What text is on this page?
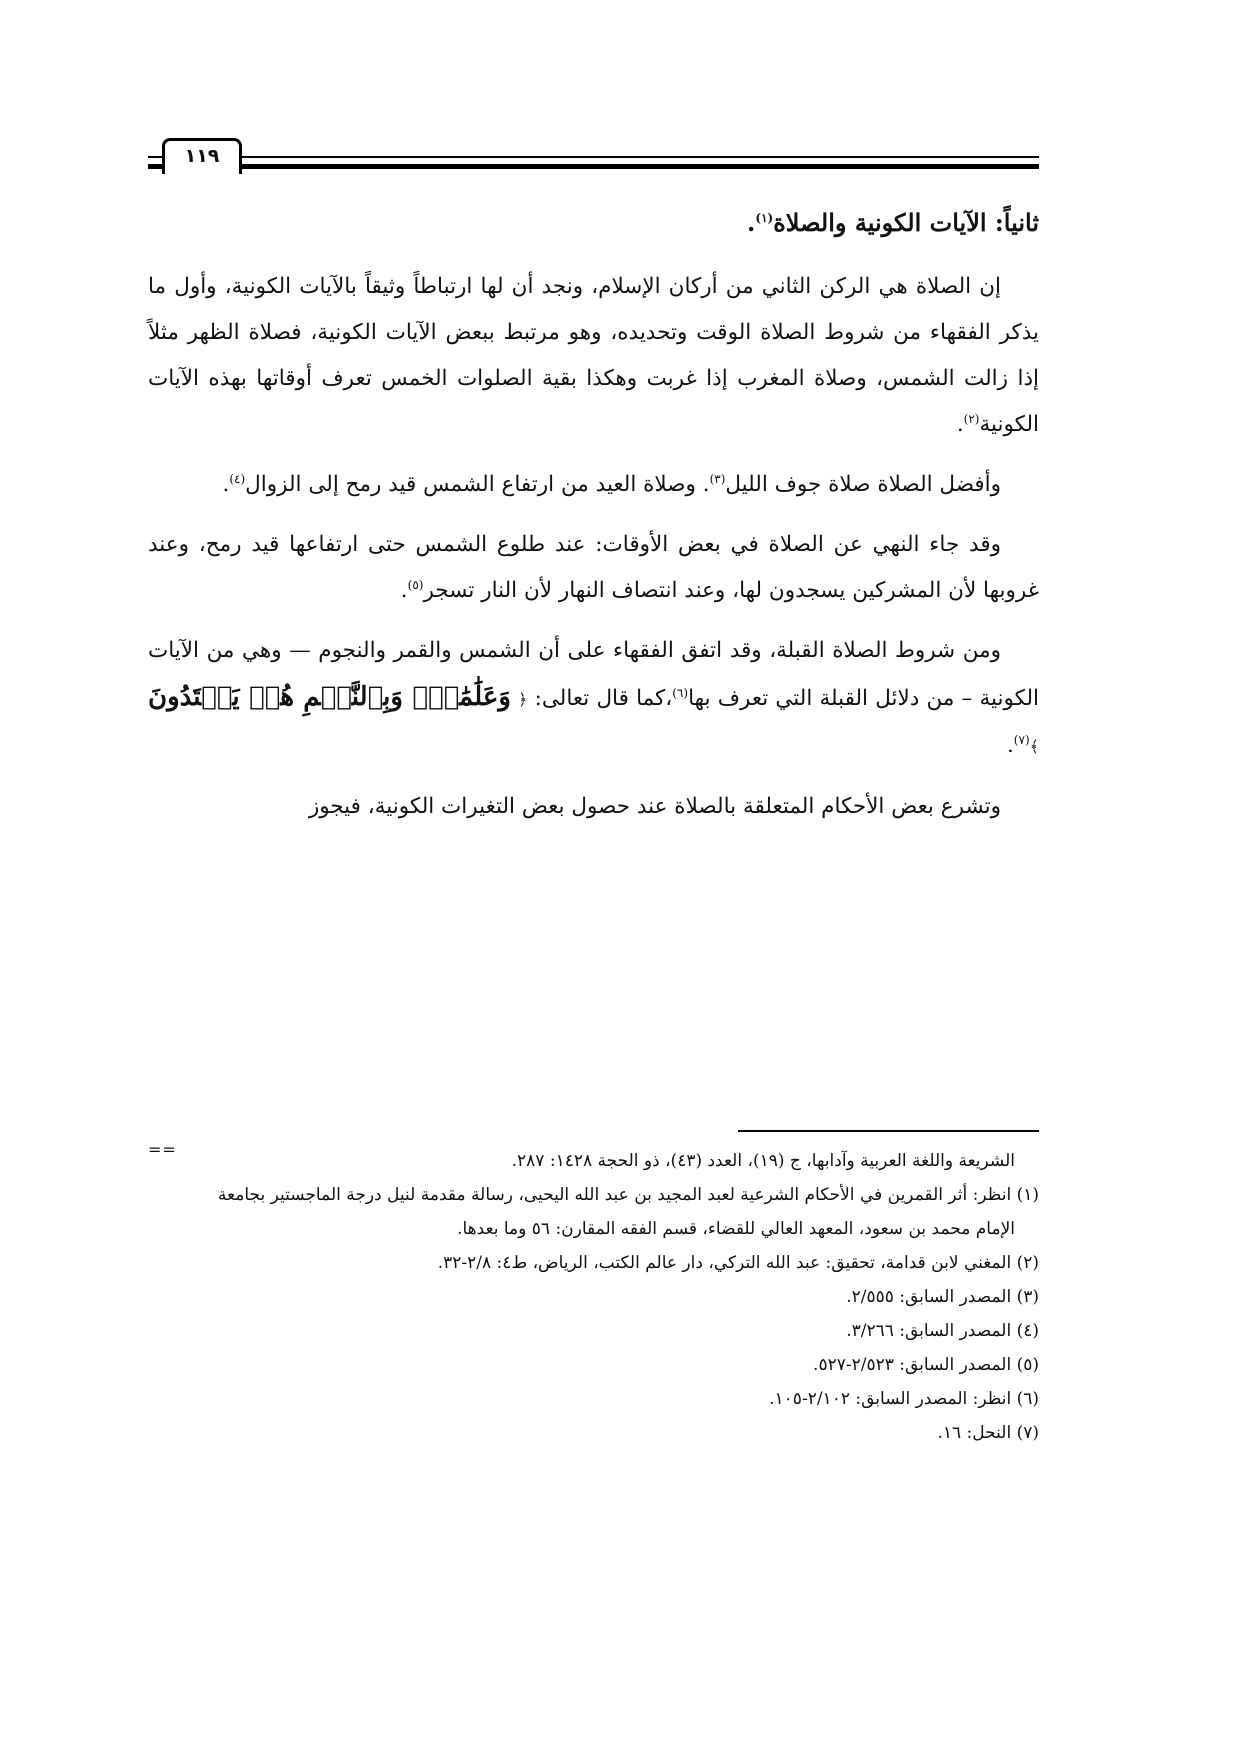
١١٩

ثانياً: الآيات الكونية والصلاة$^{(١)}$.

إن الصلاة هي الركن الثاني من أركان الإسلام، ونجد أن لها ارتباطاً وثيقاً بالآيات الكونية، وأول ما يذكر الفقهاء من شروط الصلاة الوقت وتحديده، وهو مرتبط ببعض الآيات الكونية، فصلاة الظهر مثلاً إذا زالت الشمس، وصلاة المغرب إذا غربت وهكذا بقية الصلوات الخمس تعرف أوقاتها بهذه الآيات الكونية$^{(٢)}$.

وأفضل الصلاة صلاة جوف الليل$^{(٣)}$. وصلاة العيد من ارتفاع الشمس قيد رمح إلى الزوال$^{(٤)}$.

وقد جاء النهي عن الصلاة في بعض الأوقات: عند طلوع الشمس حتى ارتفاعها قيد رمح، وعند غروبها لأن المشركين يسجدون لها، وعند انتصاف النهار لأن النار تسجر$^{(٥)}$.

ومن شروط الصلاة القبلة، وقد اتفق الفقهاء على أن الشمس والقمر والنجوم — وهي من الآيات الكونية – من دلائل القبلة التي تعرف بها$^{(٦)}$،كما قال تعالى: ﴿ وَعَلَٰمَٰتٖۚ وَبِٱلنَّجۡمِ هُمۡ يَهۡتَدُونَ ﴾$^{(٧)}$.

وتشرع بعض الأحكام المتعلقة بالصلاة عند حصول بعض التغيرات الكونية، فيجوز

==

الشريعة واللغة العربية وآدابها، ج (١٩)، العدد (٤٣)، ذو الحجة ١٤٢٨: ٢٨٧.

(١) انظر: أثر القمرين في الأحكام الشرعية لعبد المجيد بن عبد الله اليحيى، رسالة مقدمة لنيل درجة الماجستير بجامعة

الإمام محمد بن سعود، المعهد العالي للقضاء، قسم الفقه المقارن: ٥٦ وما بعدها.

(٢) المغني لابن قدامة، تحقيق: عبد الله التركي، دار عالم الكتب، الرياض، ط٤: ٢/٨-٣٢.

(٣) المصدر السابق: ٢/٥٥٥.

(٤) المصدر السابق: ٣/٢٦٦.

(٥) المصدر السابق: ٢/٥٢٣-٥٢٧.

(٦) انظر: المصدر السابق: ٢/١٠٢-١٠٥.

(٧) النحل: ١٦.
